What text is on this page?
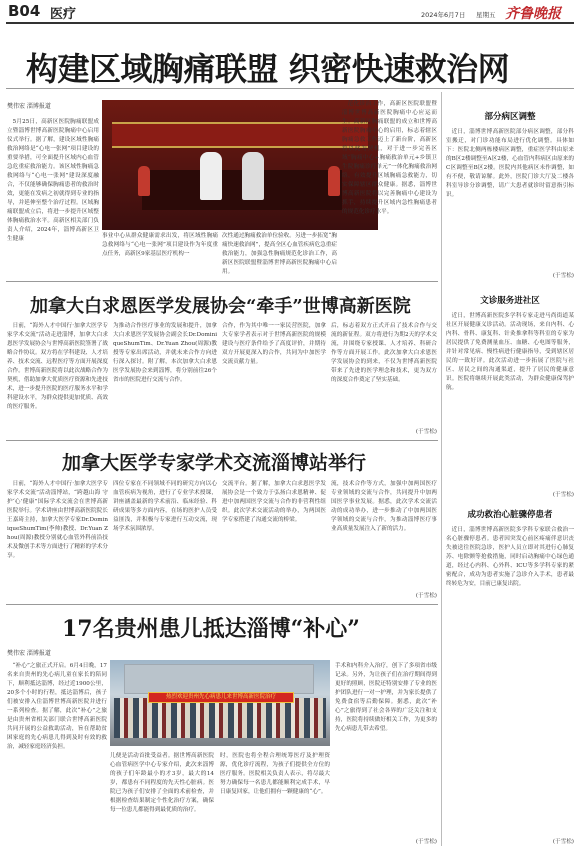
B04 医疗	2024年6月7日 星期五 齐鲁晚报
构建区域胸痛联盟 织密快速救治网
樊伟宏 淄博报道

5月25日，高新区医院胸痛联盟成立暨淄博世博高新医院胸痛中心启用仪式举行。据了解，建设区域性胸痛救治网络是“心电一张网”项目建设的重要举措，可全面提升区域内心血管急危重症救治能力。该区域性胸痛急救网络与“心电一张网”建设深度融合，不仅能够确保胸痛患者的救治时效，更能在发病之初就得到专业的指导，并延伸至整个治疗过程。区域胸痛联盟成立后，将进一步提升区域整体胸痛救治水平。高新区相关部门负责人介绍，2024年，淄博高新区卫生健康	事业中心从群众健康需求出发，将区域性胸痛急救网络与“心电一张网”项目建设作为年度重点任务，高新区9家基层医疗机构一

次性通过胸痛救治单位验收。另进一步拓宽“胸痛快速救治网”，提高全区心血管疾病危急重症救治能力，加强急性胸痛规范化诊治工作，高新区医院联盟暨淄博世博高新医院胸痛中心启用。

范化诊治工作，高新区医院联盟暨淄博世博高新医院胸痛中心应运而生。高新区胸痛联盟的成立和世博高新医院胸痛中心的启用，标志着辖区胸痛急救工作迈上了新台阶，高新区将以此为契机，对于进一步完善区域“胸痛中心+胸痛救治单元+乡镇卫生院胸痛诊疗单元”一体化胸痛救治网络，有效提升区域胸痛急救能力，切实保障辖区群众健康。据悉，淄博世博高新医院将以完善胸痛中心建设为抓手，持续提升区域内急性胸痛患者的规范化诊疗水平。

部分病区调整

近日，淄博世博高新医院部分病区调整，部分科室搬迁，对门诊功能布局进行优化调整。具体如下：医院北侧两栋楼病区调整，重症医学科由原来的B区2楼调整至A区2楼，心血管内科病区由原来的C区调整至B区2楼。医院内其他病区未作调整，如有不便，敬请谅解。此外，医院门诊大厅及二楼各科室导诊分诊调整，请广大患者就诊时留意指引标识。

(于雪松)
文诊服务进社区

近日，世博高新医院多学科专家走进马尚街道某社区开展健康义诊活动。活动现场，来自内科、心内科、骨科、康复科、针灸推拿科等科室的专家为居民提供了免费测量血压、血糖、心电图等服务，并针对常见病、慢性病进行健康指导，受到辖区居民的一致好评。此次活动进一步拓展了医院与社区、居民之间的沟通渠道，提升了居民的健康意识。医院将继续开展此类活动，为群众健康保驾护航。

(于雪松)
成功救治心脏骤停患者

近日，淄博世博高新医院多学科专家联合救治一名心脏骤停患者。患者因突发心前区疼痛伴意识丧失被送往医院急诊，医护人员立即对其进行心肺复苏、电除颤等抢救措施，同时启动胸痛中心绿色通道，经过心内科、心外科、ICU等多学科专家的紧密配合，成功为患者实施了急诊介入手术，患者最终转危为安，目前已康复出院。

(于雪松)
加拿大白求恩医学发展协会“牵手”世博高新医院

日前，“海外人才中国行·加拿大医学专家学术交流”活动走进淄博，加拿大白求恩医学发展协会与世博高新医院签署了战略合作协议。双方将在学科建设、人才培养、技术交流、远程医疗等方面开展深度合作。世博高新医院将以此次战略合作为契机，借助加拿大优质医疗资源和先进技术，进一步提升医院的医疗服务水平和学科建设水平，为群众提供更加优质、高效的医疗服务。

为推动合作医疗事业的发展和提升，加拿大白求恩医学发展协会副会长Dr.DominiqueShumTim、Dr.Yuan Zhou(周源)教授等专家出席活动，并就未来合作方向进行深入探讨。附了解，本次加拿大白求恩医学发展协会来到淄博，将分别前往26个省市的医院进行交流与合作。

合作，作为其中唯一一家民营医院，加拿大专家学者表示对于世博高新医院的规模建设与医疗条件给予了高度评价，并期待双方开展更深入的合作，共同为中加医学交流贡献力量。

后，标志着双方正式开启了技术合作与交流的新征程。双方将进行为期2天的学术交流，并围绕专家授课、人才培养、科研合作等方面开展工作。此次加拿大白求恩医学发展协会的到来，不仅为世博高新医院带来了先进的医学理念和技术，更为双方的深度合作奠定了坚实基础。

(于雪松)
加拿大医学专家学术交流淄博站举行

日前，“海外人才中国行·加拿大医学专家学术交流”活动淄博站，“跨越山海 守护‘心’健康”国际学术交流会在世博高新医院举行。学术讲座由世博高新医院院长王嘉琦主持，加拿大医学专家Dr.DominiqueShumTim(李帅)教授、Dr.Yuan Zhou(周源)教授分别就心血管外科前沿技术及微创手术等方面进行了精彩的学术分享。

四位专家在不同领域不同的研究方向以心血管疾病为视角，进行了专业学术授课，讲座涵盖最新的学术前沿、临床经验、科研成果等多方面内容，在场的医护人员受益匪浅，并积极与专家进行互动交流，现场学术氛围浓厚。

交流平台。据了解，加拿大白求恩医学发展协会是一个致力于弘扬白求恩精神、促进中加两国医学交流与合作的非营利性组织。此次学术交流活动的举办，为两国医学专家搭建了沟通交流的桥梁。

流，技术合作等方式，加强中加两国医疗专业领域的交流与合作，共同提升中加两国医学事业发展。据悉，此次学术交流活动的成功举办，进一步推动了中加两国医学领域的交流与合作，为推动淄博医疗事业高质量发展注入了新的活力。

(于雪松)
17名贵州患儿抵达淄博“补心”
樊伟宏 淄博报道

“补心”之旅正式开启。6月4日晚，17名来自贵州的先心病儿童在家长的陪同下，顺利抵达淄博，经过近1900公里，20多个小时的行程，抵达淄博后，孩子们被安排入住淄博世博高新医院并进行一系列检查。据了解，此次“补心”之旅是由贵州省相关部门联合世博高新医院共同开展的公益救助活动，旨在帮助贫困家庭的先心病患儿得到及时有效的救治，减轻家庭经济负担。

热烈欢迎贵州先心病患儿来世博高新医院治疗

儿便是活动首批受益者。据世博高新医院心血管病医学中心专家介绍，此次来淄博的孩子们年龄最小的才3岁，最大的14岁，都患有不同程度的先天性心脏病。医院已为孩子们安排了全面的术前检查，并根据检查结果制定个性化治疗方案，确保每一位患儿都能得到最优质的治疗。

时，医院也将全程合理统筹医疗及护理资源，优化诊疗流程，为孩子们提供全方位的医疗服务。医院相关负责人表示，将尽最大努力确保每一名患儿都能顺利完成手术，早日康复回家，让他们拥有一颗健康的“心”。

手术和内科介入治疗，创下了多项省市级记录。另外，为让孩子们在治疗期间得到更好的照顾，医院还特别安排了专业的医护团队进行一对一护理，并为家长提供了免费食宿等后勤保障。据悉，此次“补心”之旅得到了社会各界的广泛关注和支持，医院将持续做好相关工作，为更多的先心病患儿带去希望。

(于雪松)
